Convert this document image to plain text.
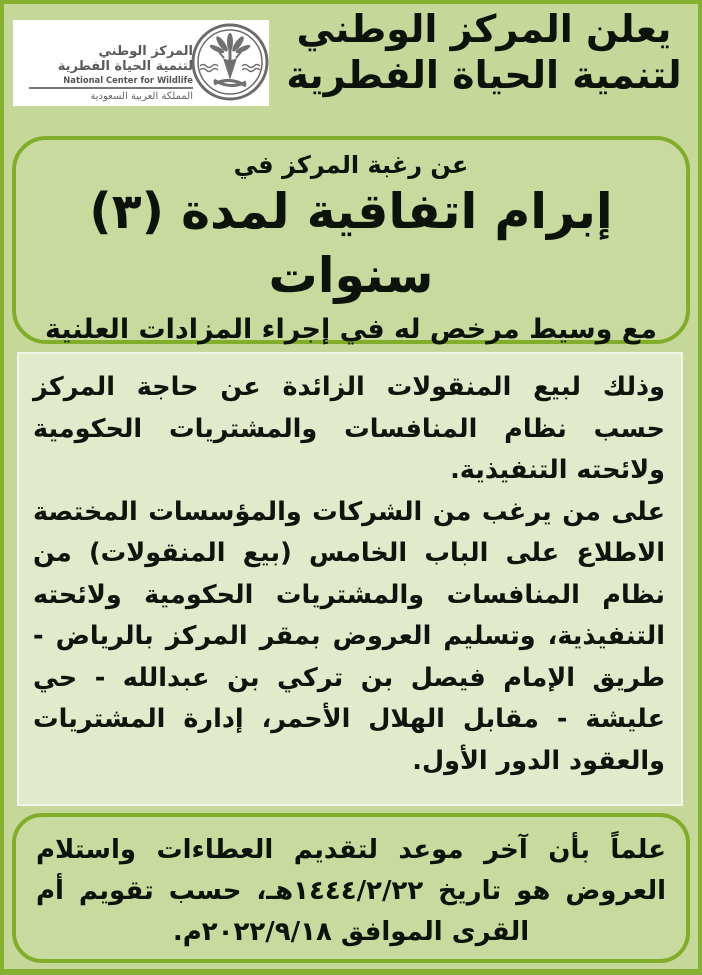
المركز الوطني
لتنمية الحياة الفطرية
National Center for Wildlife
المملكة العربية السعودية
يعلن المركز الوطني
لتنمية الحياة الفطرية
عن رغبة المركز في
إبرام اتفاقية لمدة (٣) سنوات
مع وسيط مرخص له في إجراء المزادات العلنية

وذلك لبيع المنقولات الزائدة عن حاجة المركز حسب نظام المنافسات والمشتريات الحكومية ولائحته التنفيذية.

على من يرغب من الشركات والمؤسسات المختصة الاطلاع على الباب الخامس (بيع المنقولات) من نظام المنافسات والمشتريات الحكومية ولائحته التنفيذية، وتسليم العروض بمقر المركز بالرياض - طريق الإمام فيصل بن تركي بن عبدالله - حي عليشة - مقابل الهلال الأحمر، إدارة المشتريات والعقود الدور الأول.

علماً بأن آخر موعد لتقديم العطاءات واستلام العروض هو تاريخ ١٤٤٤/٢/٢٢هـ، حسب تقويم أم القرى الموافق ٢٠٢٢/٩/١٨م.
